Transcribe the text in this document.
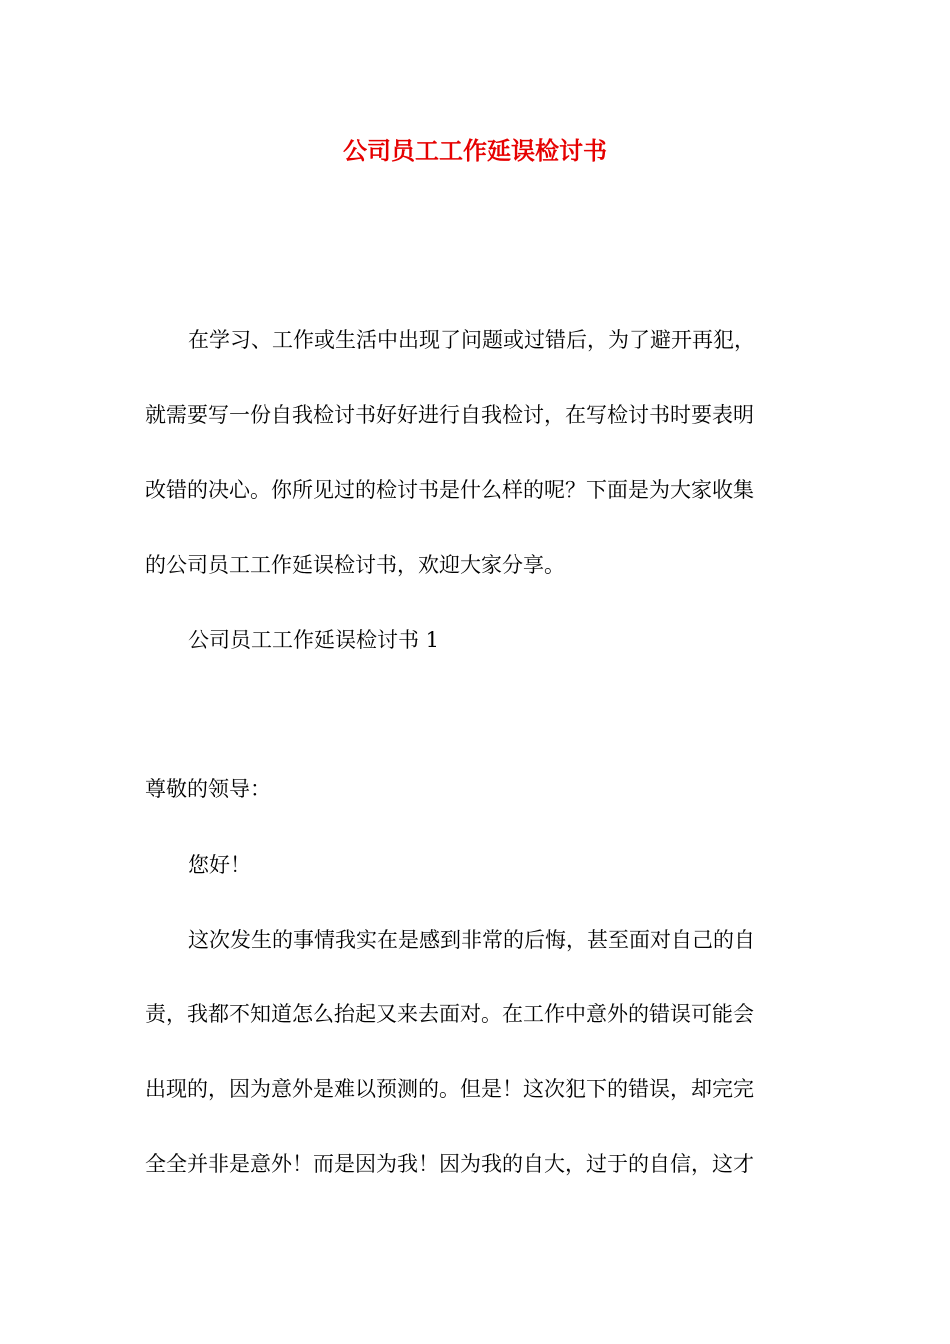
公司员工工作延误检讨书

在学习、工作或生活中出现了问题或过错后，为了避开再犯，

就需要写一份自我检讨书好好进行自我检讨，在写检讨书时要表明

改错的决心。你所见过的检讨书是什么样的呢？下面是为大家收集

的公司员工工作延误检讨书，欢迎大家分享。

公司员工工作延误检讨书 1

尊敬的领导：

您好！

这次发生的事情我实在是感到非常的后悔，甚至面对自己的自

责，我都不知道怎么抬起又来去面对。在工作中意外的错误可能会

出现的，因为意外是难以预测的。但是！这次犯下的错误，却完完

全全并非是意外！而是因为我！因为我的自大，过于的自信，这才
